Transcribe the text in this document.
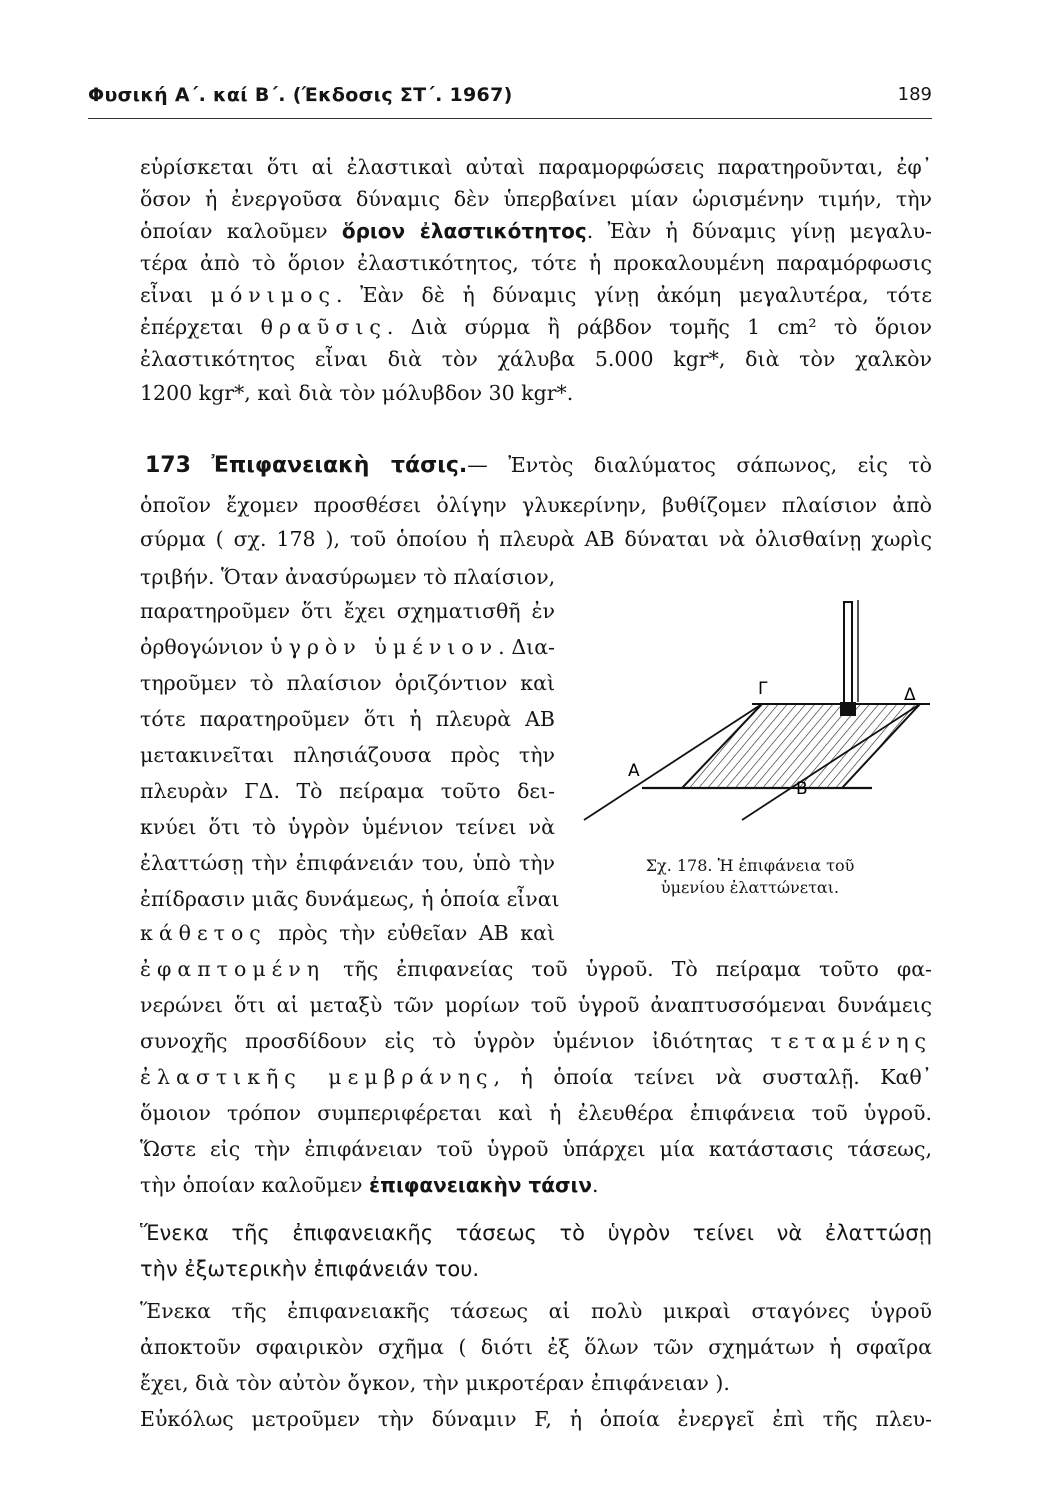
Φυσική Α΄. καί Β΄. (Έκδοσις ΣΤ΄. 1967)	189
εὑρίσκεται ὅτι αἱ ἐλαστικαὶ αὐταὶ παραμορφώσεις παρατηροῦνται, ἐφ᾽
ὅσον ἡ ἐνεργοῦσα δύναμις δὲν ὑπερβαίνει μίαν ὡρισμένην τιμήν, τὴν
ὁποίαν καλοῦμεν ὅριον ἐλαστικότητος. Ἐὰν ἡ δύναμις γίνῃ μεγαλυ-
τέρα ἀπὸ τὸ ὅριον ἐλαστικότητος, τότε ἡ προκαλουμένη παραμόρφωσις
εἶναι μόνιμος. Ἐὰν δὲ ἡ δύναμις γίνῃ ἀκόμη μεγαλυτέρα, τότε
ἐπέρχεται θραῦσις. Διὰ σύρμα ἢ ράβδον τομῆς 1 cm² τὸ ὅριον
ἐλαστικότητος εἶναι διὰ τὸν χάλυβα 5.000 kgr*, διὰ τὸν χαλκὸν
1200 kgr*, καὶ διὰ τὸν μόλυβδον 30 kgr*.
173 Ἐπιφανειακὴ τάσις.— Ἐντὸς διαλύματος σάπωνος, εἰς τὸ
ὁποῖον ἔχομεν προσθέσει ὀλίγην γλυκερίνην, βυθίζομεν πλαίσιον ἀπὸ
σύρμα ( σχ. 178 ), τοῦ ὁποίου ἡ πλευρὰ ΑΒ δύναται νὰ ὀλισθαίνῃ χωρὶς
τριβήν. Ὅταν ἀνασύρωμεν τὸ πλαίσιον,
παρατηροῦμεν ὅτι ἔχει σχηματισθῆ ἐν
ὀρθογώνιον ὑγρὸν ὑμένιον. Δια-
τηροῦμεν τὸ πλαίσιον ὁριζόντιον καὶ
τότε παρατηροῦμεν ὅτι ἡ πλευρὰ ΑΒ
μετακινεῖται πλησιάζουσα πρὸς τὴν
πλευρὰν ΓΔ. Τὸ πείραμα τοῦτο δει-
κνύει ὅτι τὸ ὑγρὸν ὑμένιον τείνει νὰ
ἐλαττώσῃ τὴν ἐπιφάνειάν του, ὑπὸ τὴν
ἐπίδρασιν μιᾶς δυνάμεως, ἡ ὁποία εἶναι
κάθετος πρὸς τὴν εὐθεῖαν ΑΒ καὶ
Γ	Δ
Α
Β
Σχ. 178. Ἡ ἐπιφάνεια τοῦ
ὑμενίου ἐλαττώνεται.
ἐφαπτομένη τῆς ἐπιφανείας τοῦ ὑγροῦ. Τὸ πείραμα τοῦτο φα-
νερώνει ὅτι αἱ μεταξὺ τῶν μορίων τοῦ ὑγροῦ ἀναπτυσσόμεναι δυνάμεις
συνοχῆς προσδίδουν εἰς τὸ ὑγρὸν ὑμένιον ἰδιότητας τεταμένης
ἐλαστικῆς μεμβράνης, ἡ ὁποία τείνει νὰ συσταλῇ. Καθ᾽
ὅμοιον τρόπον συμπεριφέρεται καὶ ἡ ἐλευθέρα ἐπιφάνεια τοῦ ὑγροῦ.
Ὥστε εἰς τὴν ἐπιφάνειαν τοῦ ὑγροῦ ὑπάρχει μία κατάστασις τάσεως,
τὴν ὁποίαν καλοῦμεν ἐπιφανειακὴν τάσιν.
Ἕνεκα τῆς ἐπιφανειακῆς τάσεως τὸ ὑγρὸν τείνει νὰ ἐλαττώσῃ
τὴν ἐξωτερικὴν ἐπιφάνειάν του.
Ἕνεκα τῆς ἐπιφανειακῆς τάσεως αἱ πολὺ μικραὶ σταγόνες ὑγροῦ
ἀποκτοῦν σφαιρικὸν σχῆμα ( διότι ἐξ ὅλων τῶν σχημάτων ἡ σφαῖρα
ἔχει, διὰ τὸν αὐτὸν ὄγκον, τὴν μικροτέραν ἐπιφάνειαν ).
Εὐκόλως μετροῦμεν τὴν δύναμιν F, ἡ ὁποία ἐνεργεῖ ἐπὶ τῆς πλευ-
